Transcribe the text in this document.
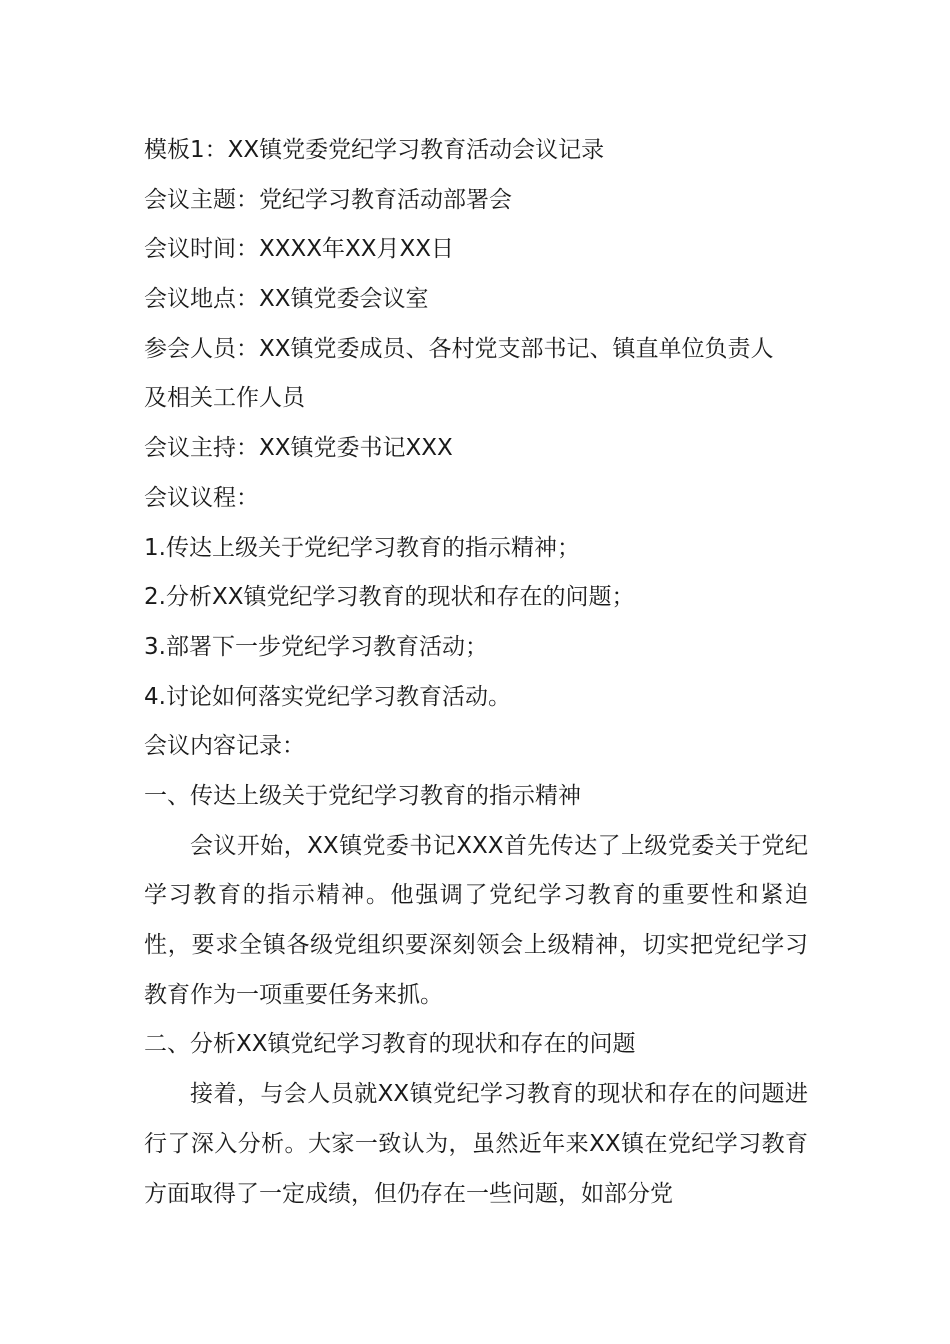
模板1：XX镇党委党纪学习教育活动会议记录
会议主题：党纪学习教育活动部署会
会议时间：XXXX年XX月XX日
会议地点：XX镇党委会议室
参会人员：XX镇党委成员、各村党支部书记、镇直单位负责人
及相关工作人员
会议主持：XX镇党委书记XXX
会议议程：
1.传达上级关于党纪学习教育的指示精神；
2.分析XX镇党纪学习教育的现状和存在的问题；
3.部署下一步党纪学习教育活动；
4.讨论如何落实党纪学习教育活动。
会议内容记录：
一、传达上级关于党纪学习教育的指示精神

会议开始，XX镇党委书记XXX首先传达了上级党委关于党纪学习教育的指示精神。他强调了党纪学习教育的重要性和紧迫性，要求全镇各级党组织要深刻领会上级精神，切实把党纪学习教育作为一项重要任务来抓。

二、分析XX镇党纪学习教育的现状和存在的问题

接着，与会人员就XX镇党纪学习教育的现状和存在的问题进行了深入分析。大家一致认为，虽然近年来XX镇在党纪学习教育方面取得了一定成绩，但仍存在一些问题，如部分党
